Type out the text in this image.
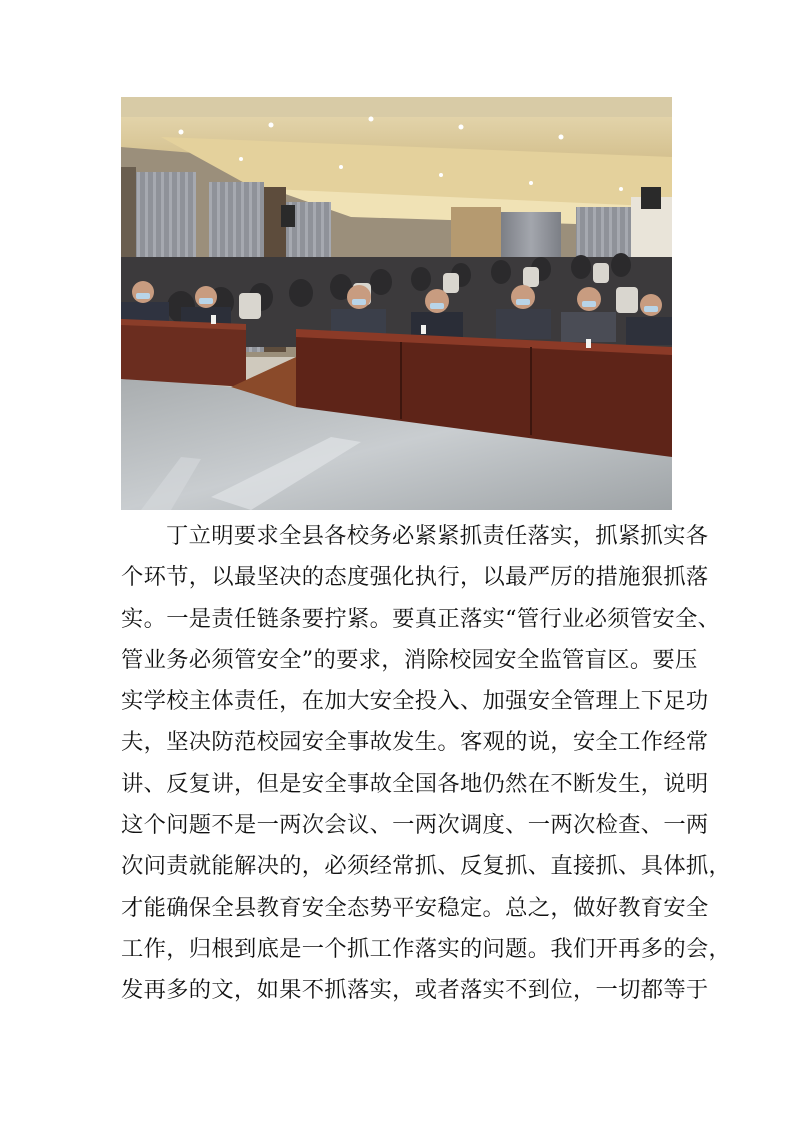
丁立明要求全县各校务必紧紧抓责任落实，抓紧抓实各
个环节，以最坚决的态度强化执行，以最严厉的措施狠抓落
实。一是责任链条要拧紧。要真正落实“管行业必须管安全、
管业务必须管安全”的要求，消除校园安全监管盲区。要压
实学校主体责任，在加大安全投入、加强安全管理上下足功
夫，坚决防范校园安全事故发生。客观的说，安全工作经常
讲、反复讲，但是安全事故全国各地仍然在不断发生，说明
这个问题不是一两次会议、一两次调度、一两次检查、一两
次问责就能解决的，必须经常抓、反复抓、直接抓、具体抓，
才能确保全县教育安全态势平安稳定。总之，做好教育安全
工作，归根到底是一个抓工作落实的问题。我们开再多的会，
发再多的文，如果不抓落实，或者落实不到位，一切都等于
